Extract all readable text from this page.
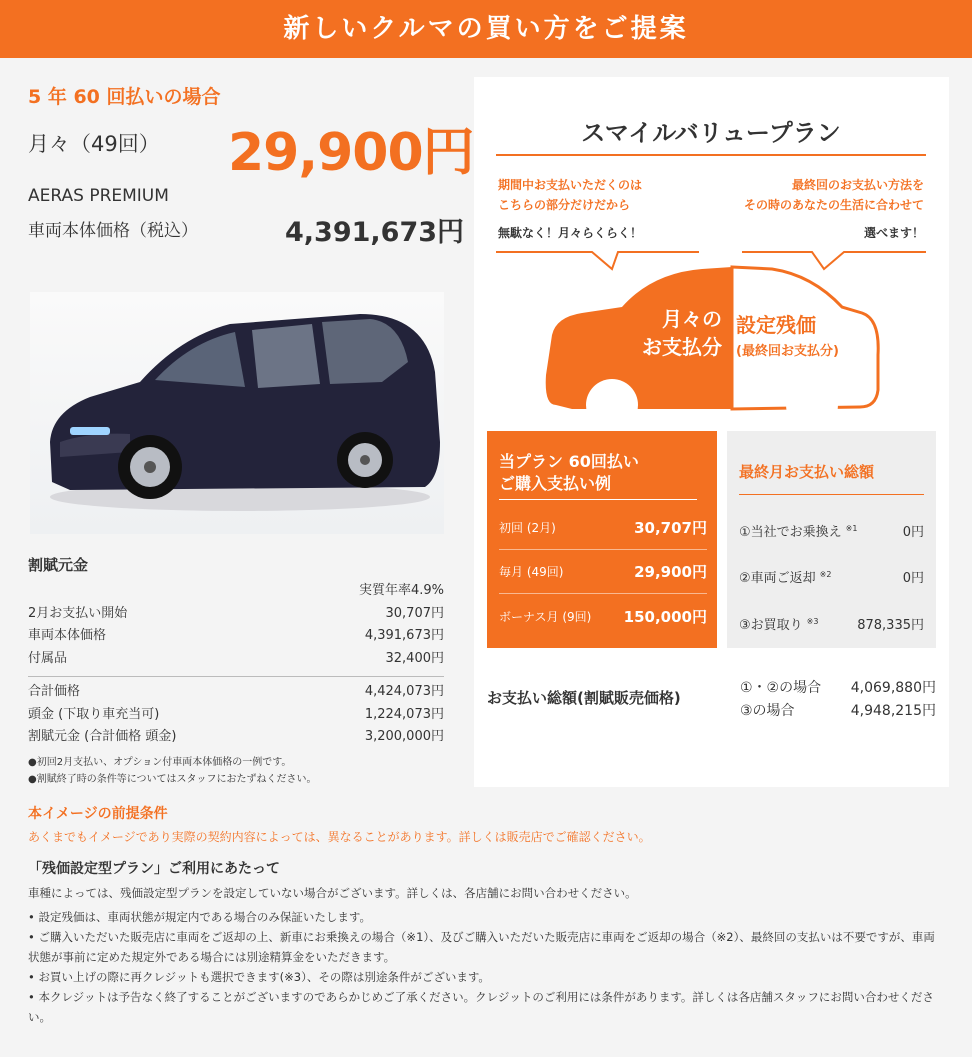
新しいクルマの買い方をご提案
5 年 60 回払いの場合
月々（49回） 29,900円
AERAS PREMIUM
車両本体価格（税込）	4,391,673円
割賦元金
実質年率4.9%
2月お支払い開始	30,707円
車両本体価格	4,391,673円
付属品	32,400円
合計価格	4,424,073円
頭金 (下取り車充当可)	1,224,073円
割賦元金 (合計価格 頭金)	3,200,000円
●初回2月支払い、オプション付車両本体価格の一例です。
●割賦終了時の条件等についてはスタッフにおたずねください。
本イメージの前提条件
あくまでもイメージであり実際の契約内容によっては、異なることがあります。詳しくは販売店でご確認ください。
「残価設定型プラン」ご利用にあたって
車種によっては、残価設定型プランを設定していない場合がございます。詳しくは、各店舗にお問い合わせください。
• 設定残価は、車両状態が規定内である場合のみ保証いたします。
• ご購入いただいた販売店に車両をご返却の上、新車にお乗換えの場合（※1）、及びご購入いただいた販売店に車両をご返却の場合（※2）、最終回の支払いは不要ですが、車両状態が事前に定めた規定外である場合には別途精算金をいただきます。
• お買い上げの際に再クレジットも選択できます(※3）、その際は別途条件がございます。
• 本クレジットは予告なく終了することがございますのであらかじめご了承ください。クレジットのご利用には条件があります。詳しくは各店舗スタッフにお問い合わせください。
スマイルバリュープラン
期間中お支払いただくのは
こちらの部分だけだから
無駄なく！月々らくらく！
最終回のお支払い方法を
その時のあなたの生活に合わせて
選べます！
月々の
お支払分
設定残価
(最終回お支払分)
当プラン 60回払い
ご購入支払い例
初回 (2月)	30,707円
毎月 (49回)	29,900円
ボーナス月 (9回) 150,000円
最終月お支払い総額
①当社でお乗換え $^{※1}$	0円
②車両ご返却 $^{※2}$	0円
③お買取り $^{※3}$	878,335円
お支払い総額(割賦販売価格)
①・②の場合 4,069,880円
③の場合	4,948,215円
